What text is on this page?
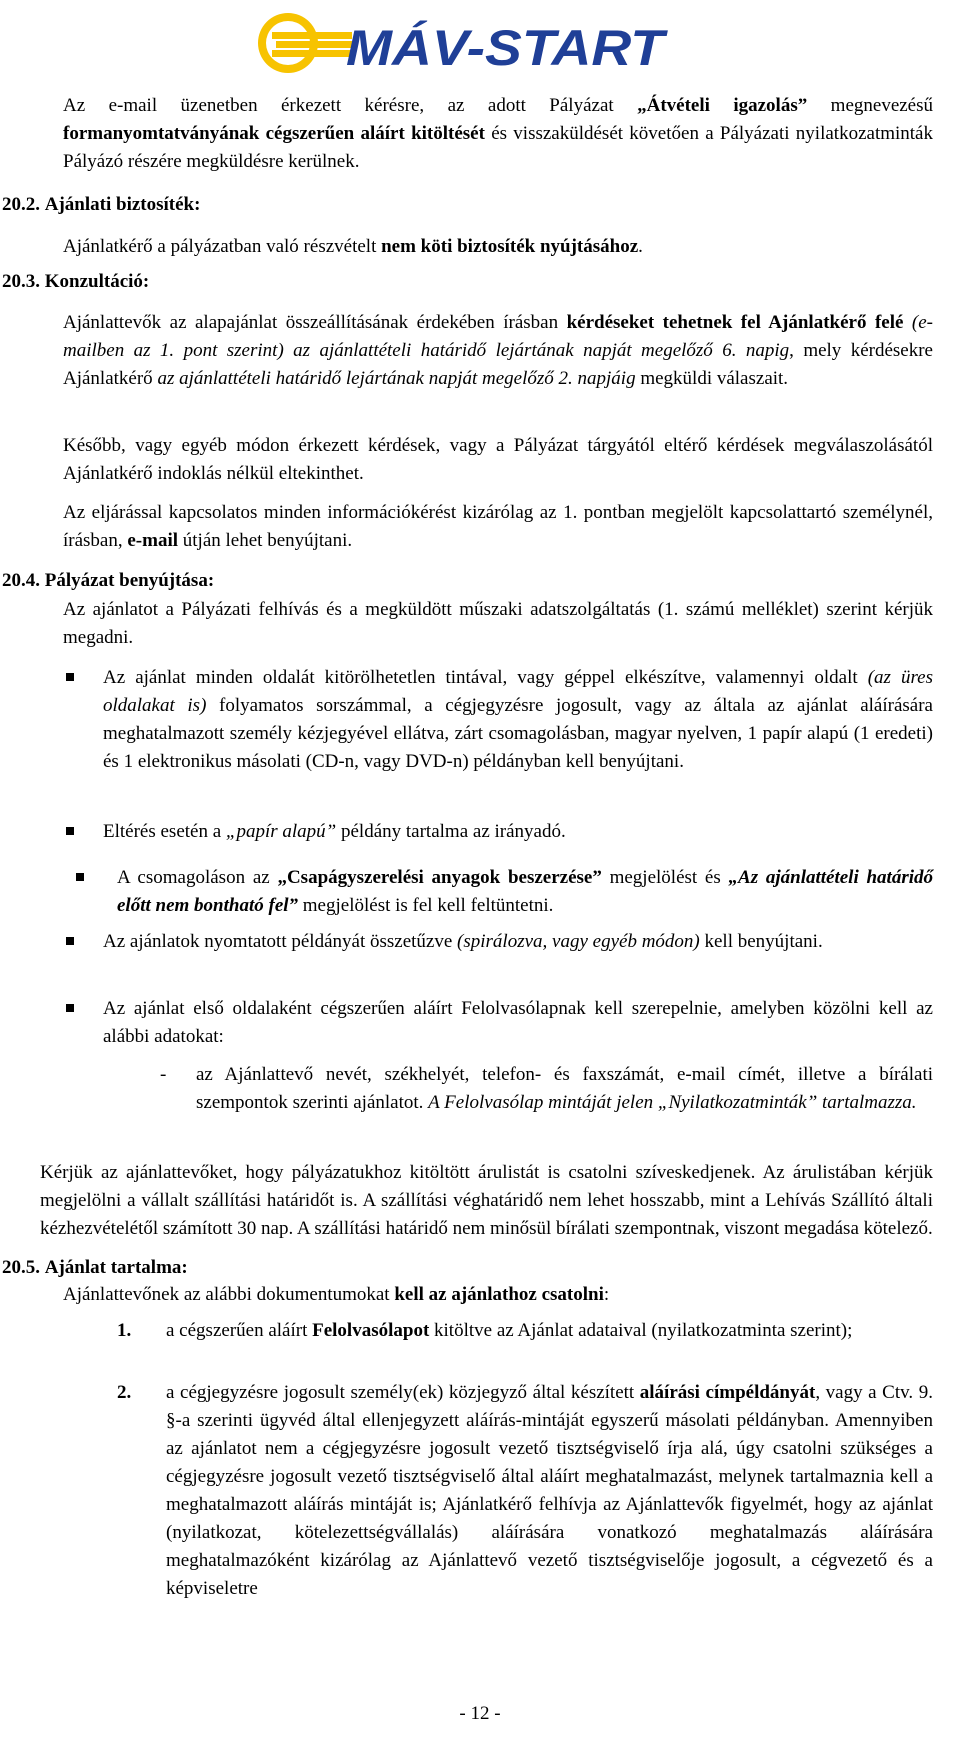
MÁV-START

Az e-mail üzenetben érkezett kérésre, az adott Pályázat „Átvételi igazolás” megnevezésű formanyomtatványának cégszerűen aláírt kitöltését és visszaküldését követően a Pályázati nyilatkozatminták Pályázó részére megküldésre kerülnek.

20.2. Ajánlati biztosíték:

Ajánlatkérő a pályázatban való részvételt nem köti biztosíték nyújtásához.

20.3. Konzultáció:

Ajánlattevők az alapajánlat összeállításának érdekében írásban kérdéseket tehetnek fel Ajánlatkérő felé (e-mailben az 1. pont szerint) az ajánlattételi határidő lejártának napját megelőző 6. napig, mely kérdésekre Ajánlatkérő az ajánlattételi határidő lejártának napját megelőző 2. napjáig megküldi válaszait.

Később, vagy egyéb módon érkezett kérdések, vagy a Pályázat tárgyától eltérő kérdések megválaszolásától Ajánlatkérő indoklás nélkül eltekinthet.

Az eljárással kapcsolatos minden információkérést kizárólag az 1. pontban megjelölt kapcsolattartó személynél, írásban, e-mail útján lehet benyújtani.

20.4. Pályázat benyújtása:

Az ajánlatot a Pályázati felhívás és a megküldött műszaki adatszolgáltatás (1. számú melléklet) szerint kérjük megadni.

Az ajánlat minden oldalát kitörölhetetlen tintával, vagy géppel elkészítve, valamennyi oldalt (az üres oldalakat is) folyamatos sorszámmal, a cégjegyzésre jogosult, vagy az általa az ajánlat aláírására meghatalmazott személy kézjegyével ellátva, zárt csomagolásban, magyar nyelven, 1 papír alapú (1 eredeti) és 1 elektronikus másolati (CD-n, vagy DVD-n) példányban kell benyújtani.

Eltérés esetén a „papír alapú” példány tartalma az irányadó.

A csomagoláson az „Csapágyszerelési anyagok beszerzése” megjelölést és „Az ajánlattételi határidő előtt nem bontható fel” megjelölést is fel kell feltüntetni.

Az ajánlatok nyomtatott példányát összetűzve (spirálozva, vagy egyéb módon) kell benyújtani.

Az ajánlat első oldalaként cégszerűen aláírt Felolvasólapnak kell szerepelnie, amelyben közölni kell az alábbi adatokat:

- az Ajánlattevő nevét, székhelyét, telefon- és faxszámát, e-mail címét, illetve a bírálati szempontok szerinti ajánlatot. A Felolvasólap mintáját jelen „Nyilatkozatminták” tartalmazza.

Kérjük az ajánlattevőket, hogy pályázatukhoz kitöltött árulistát is csatolni szíveskedjenek. Az árulistában kérjük megjelölni a vállalt szállítási határidőt is. A szállítási véghatáridő nem lehet hosszabb, mint a Lehívás Szállító általi kézhezvételétől számított 30 nap. A szállítási határidő nem minősül bírálati szempontnak, viszont megadása kötelező.

20.5. Ajánlat tartalma:

Ajánlattevőnek az alábbi dokumentumokat kell az ajánlathoz csatolni:

1. a cégszerűen aláírt Felolvasólapot kitöltve az Ajánlat adataival (nyilatkozatminta szerint);

2. a cégjegyzésre jogosult személy(ek) közjegyző által készített aláírási címpéldányát, vagy a Ctv. 9. §-a szerinti ügyvéd által ellenjegyzett aláírás-mintáját egyszerű másolati példányban. Amennyiben az ajánlatot nem a cégjegyzésre jogosult vezető tisztségviselő írja alá, úgy csatolni szükséges a cégjegyzésre jogosult vezető tisztségviselő által aláírt meghatalmazást, melynek tartalmaznia kell a meghatalmazott aláírás mintáját is; Ajánlatkérő felhívja az Ajánlattevők figyelmét, hogy az ajánlat (nyilatkozat, kötelezettségvállalás) aláírására vonatkozó meghatalmazás aláírására meghatalmazóként kizárólag az Ajánlattevő vezető tisztségviselője jogosult, a cégvezető és a képviseletre

- 12 -
